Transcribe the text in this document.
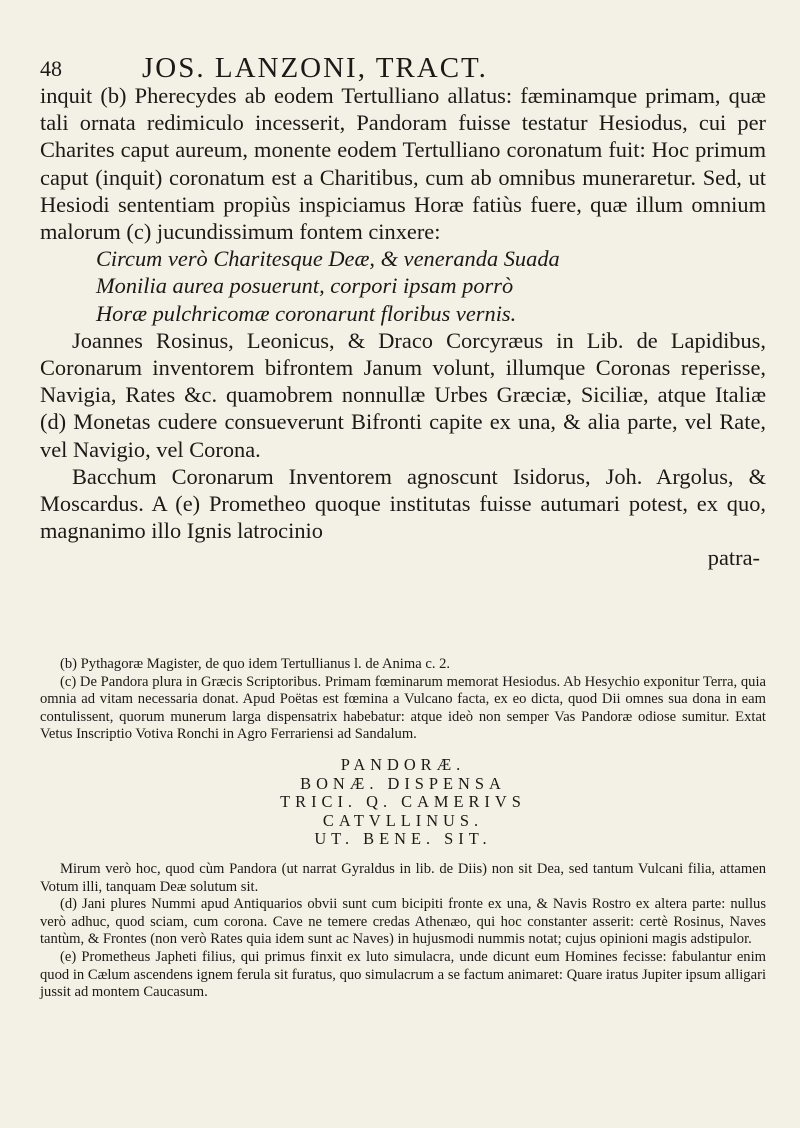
48	JOS. LANZONI, TRACT.

inquit (b) Pherecydes ab eodem Tertulliano allatus: fæminamque primam, quæ tali ornata redimiculo incesserit, Pandoram fuisse testatur Hesiodus, cui per Charites caput aureum, monente eodem Tertulliano coronatum fuit: Hoc primum caput (inquit) coronatum est a Charitibus, cum ab omnibus muneraretur. Sed, ut Hesiodi sententiam propiùs inspiciamus Horæ fatiùs fuere, quæ illum omnium malorum (c) jucundissimum fontem cinxere:

Circum verò Charitesque Deæ, & veneranda Suada
Monilia aurea posuerunt, corpori ipsam porrò
Horæ pulchricomæ coronarunt floribus vernis.

Joannes Rosinus, Leonicus, & Draco Corcyræus in Lib. de Lapidibus, Coronarum inventorem bifrontem Janum volunt, illumque Coronas reperisse, Navigia, Rates &c. quamobrem nonnullæ Urbes Græciæ, Siciliæ, atque Italiæ (d) Monetas cudere consueverunt Bifronti capite ex una, & alia parte, vel Rate, vel Navigio, vel Corona.

Bacchum Coronarum Inventorem agnoscunt Isidorus, Joh. Argolus, & Moscardus. A (e) Prometheo quoque institutas fuisse autumari potest, ex quo, magnanimo illo Ignis latrocinio

patra-

(b) Pythagoræ Magister, de quo idem Tertullianus l. de Anima c. 2.

(c) De Pandora plura in Græcis Scriptoribus. Primam fœminarum memorat Hesiodus. Ab Hesychio exponitur Terra, quia omnia ad vitam necessaria donat. Apud Poëtas est fœmina a Vulcano facta, ex eo dicta, quod Dii omnes sua dona in eam contulissent, quorum munerum larga dispensatrix habebatur: atque ideò non semper Vas Pandoræ odiose sumitur. Extat Vetus Inscriptio Votiva Ronchi in Agro Ferrariensi ad Sandalum.

PANDORÆ.
BONÆ. DISPENSA
TRICI. Q. CAMERIVS
CATVLLINUS.
UT. BENE. SIT.

Mirum verò hoc, quod cùm Pandora (ut narrat Gyraldus in lib. de Diis) non sit Dea, sed tantum Vulcani filia, attamen Votum illi, tanquam Deæ solutum sit.

(d) Jani plures Nummi apud Antiquarios obvii sunt cum bicipiti fronte ex una, & Navis Rostro ex altera parte: nullus verò adhuc, quod sciam, cum corona. Cave ne temere credas Athenæo, qui hoc constanter asserit: certè Rosinus, Naves tantùm, & Frontes (non verò Rates quia idem sunt ac Naves) in hujusmodi nummis notat; cujus opinioni magis adstipulor.

(e) Prometheus Japheti filius, qui primus finxit ex luto simulacra, unde dicunt eum Homines fecisse: fabulantur enim quod in Cælum ascendens ignem ferula sit furatus, quo simulacrum a se factum animaret: Quare iratus Jupiter ipsum alligari jussit ad montem Caucasum.
